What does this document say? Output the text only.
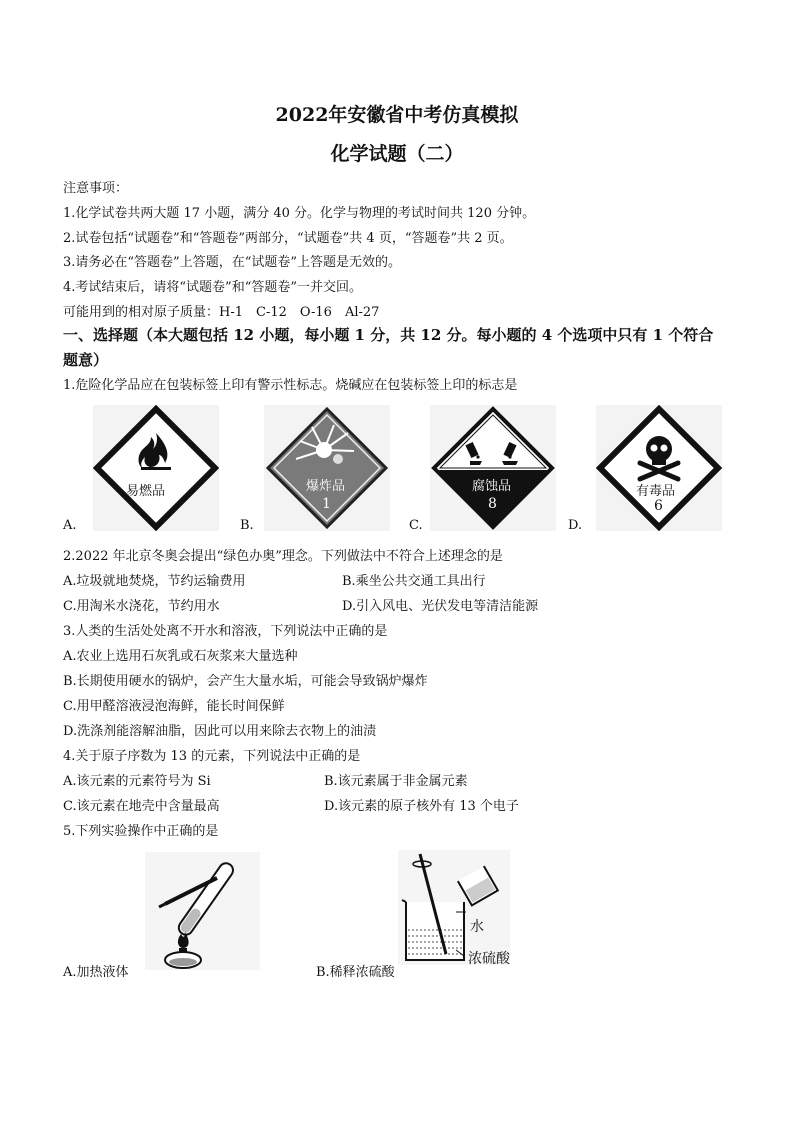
2022年安徽省中考仿真模拟
化学试题（二）
注意事项：
1.化学试卷共两大题 17 小题，满分 40 分。化学与物理的考试时间共 120 分钟。
2.试卷包括“试题卷”和“答题卷”两部分，“试题卷”共 4 页，“答题卷”共 2 页。
3.请务必在“答题卷”上答题，在“试题卷”上答题是无效的。
4.考试结束后，请将“试题卷”和“答题卷”一并交回。
可能用到的相对原子质量：H-1　C-12　O-16　Al-27
一、选择题（本大题包括 12 小题，每小题 1 分，共 12 分。每小题的 4 个选项中只有 1 个符合
题意）
1.危险化学品应在包装标签上印有警示性标志。烧碱应在包装标签上印的标志是
易燃品	爆炸品
1
腐蚀品
8
有毒品
6
A.	B.	C.	D.
2.2022 年北京冬奥会提出“绿色办奥”理念。下列做法中不符合上述理念的是
A.垃圾就地焚烧，节约运输费用	B.乘坐公共交通工具出行
C.用淘米水浇花，节约用水	D.引入风电、光伏发电等清洁能源
3.人类的生活处处离不开水和溶液，下列说法中正确的是
A.农业上选用石灰乳或石灰浆来大量选种
B.长期使用硬水的锅炉，会产生大量水垢，可能会导致锅炉爆炸
C.用甲醛溶液浸泡海鲜，能长时间保鲜
D.洗涤剂能溶解油脂，因此可以用来除去衣物上的油渍
4.关于原子序数为 13 的元素，下列说法中正确的是
A.该元素的元素符号为 Si	B.该元素属于非金属元素
C.该元素在地壳中含量最高	D.该元素的原子核外有 13 个电子
5.下列实验操作中正确的是
A.加热液体
水
浓硫酸
B.稀释浓硫酸
